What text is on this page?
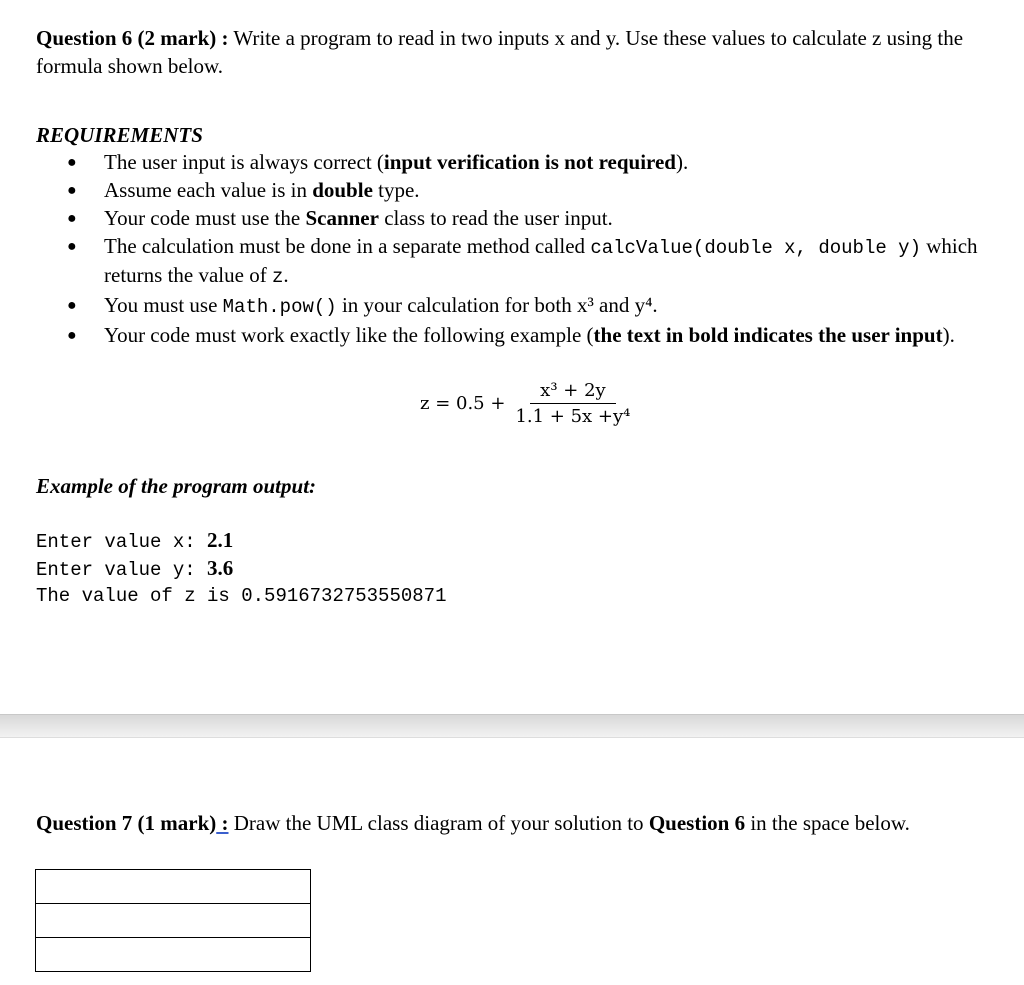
Question 6 (2 mark) : Write a program to read in two inputs x and y. Use these values to calculate z using the formula shown below.

REQUIREMENTS
● The user input is always correct (input verification is not required).
● Assume each value is in double type.
● Your code must use the Scanner class to read the user input.
● The calculation must be done in a separate method called calcValue(double x, double y) which returns the value of z.
● You must use Math.pow() in your calculation for both x³ and y⁴.
● Your code must work exactly like the following example (the text in bold indicates the user input).
$z = 0.5 + \frac{\text{x³ + 2y}}{\text{1.1 + 5x +y⁴}}$
Example of the program output:
Enter value x: 2.1
Enter value y: 3.6
The value of z is 0.5916732753550871
Question 7 (1 mark) : Draw the UML class diagram of your solution to Question 6 in the space below.
